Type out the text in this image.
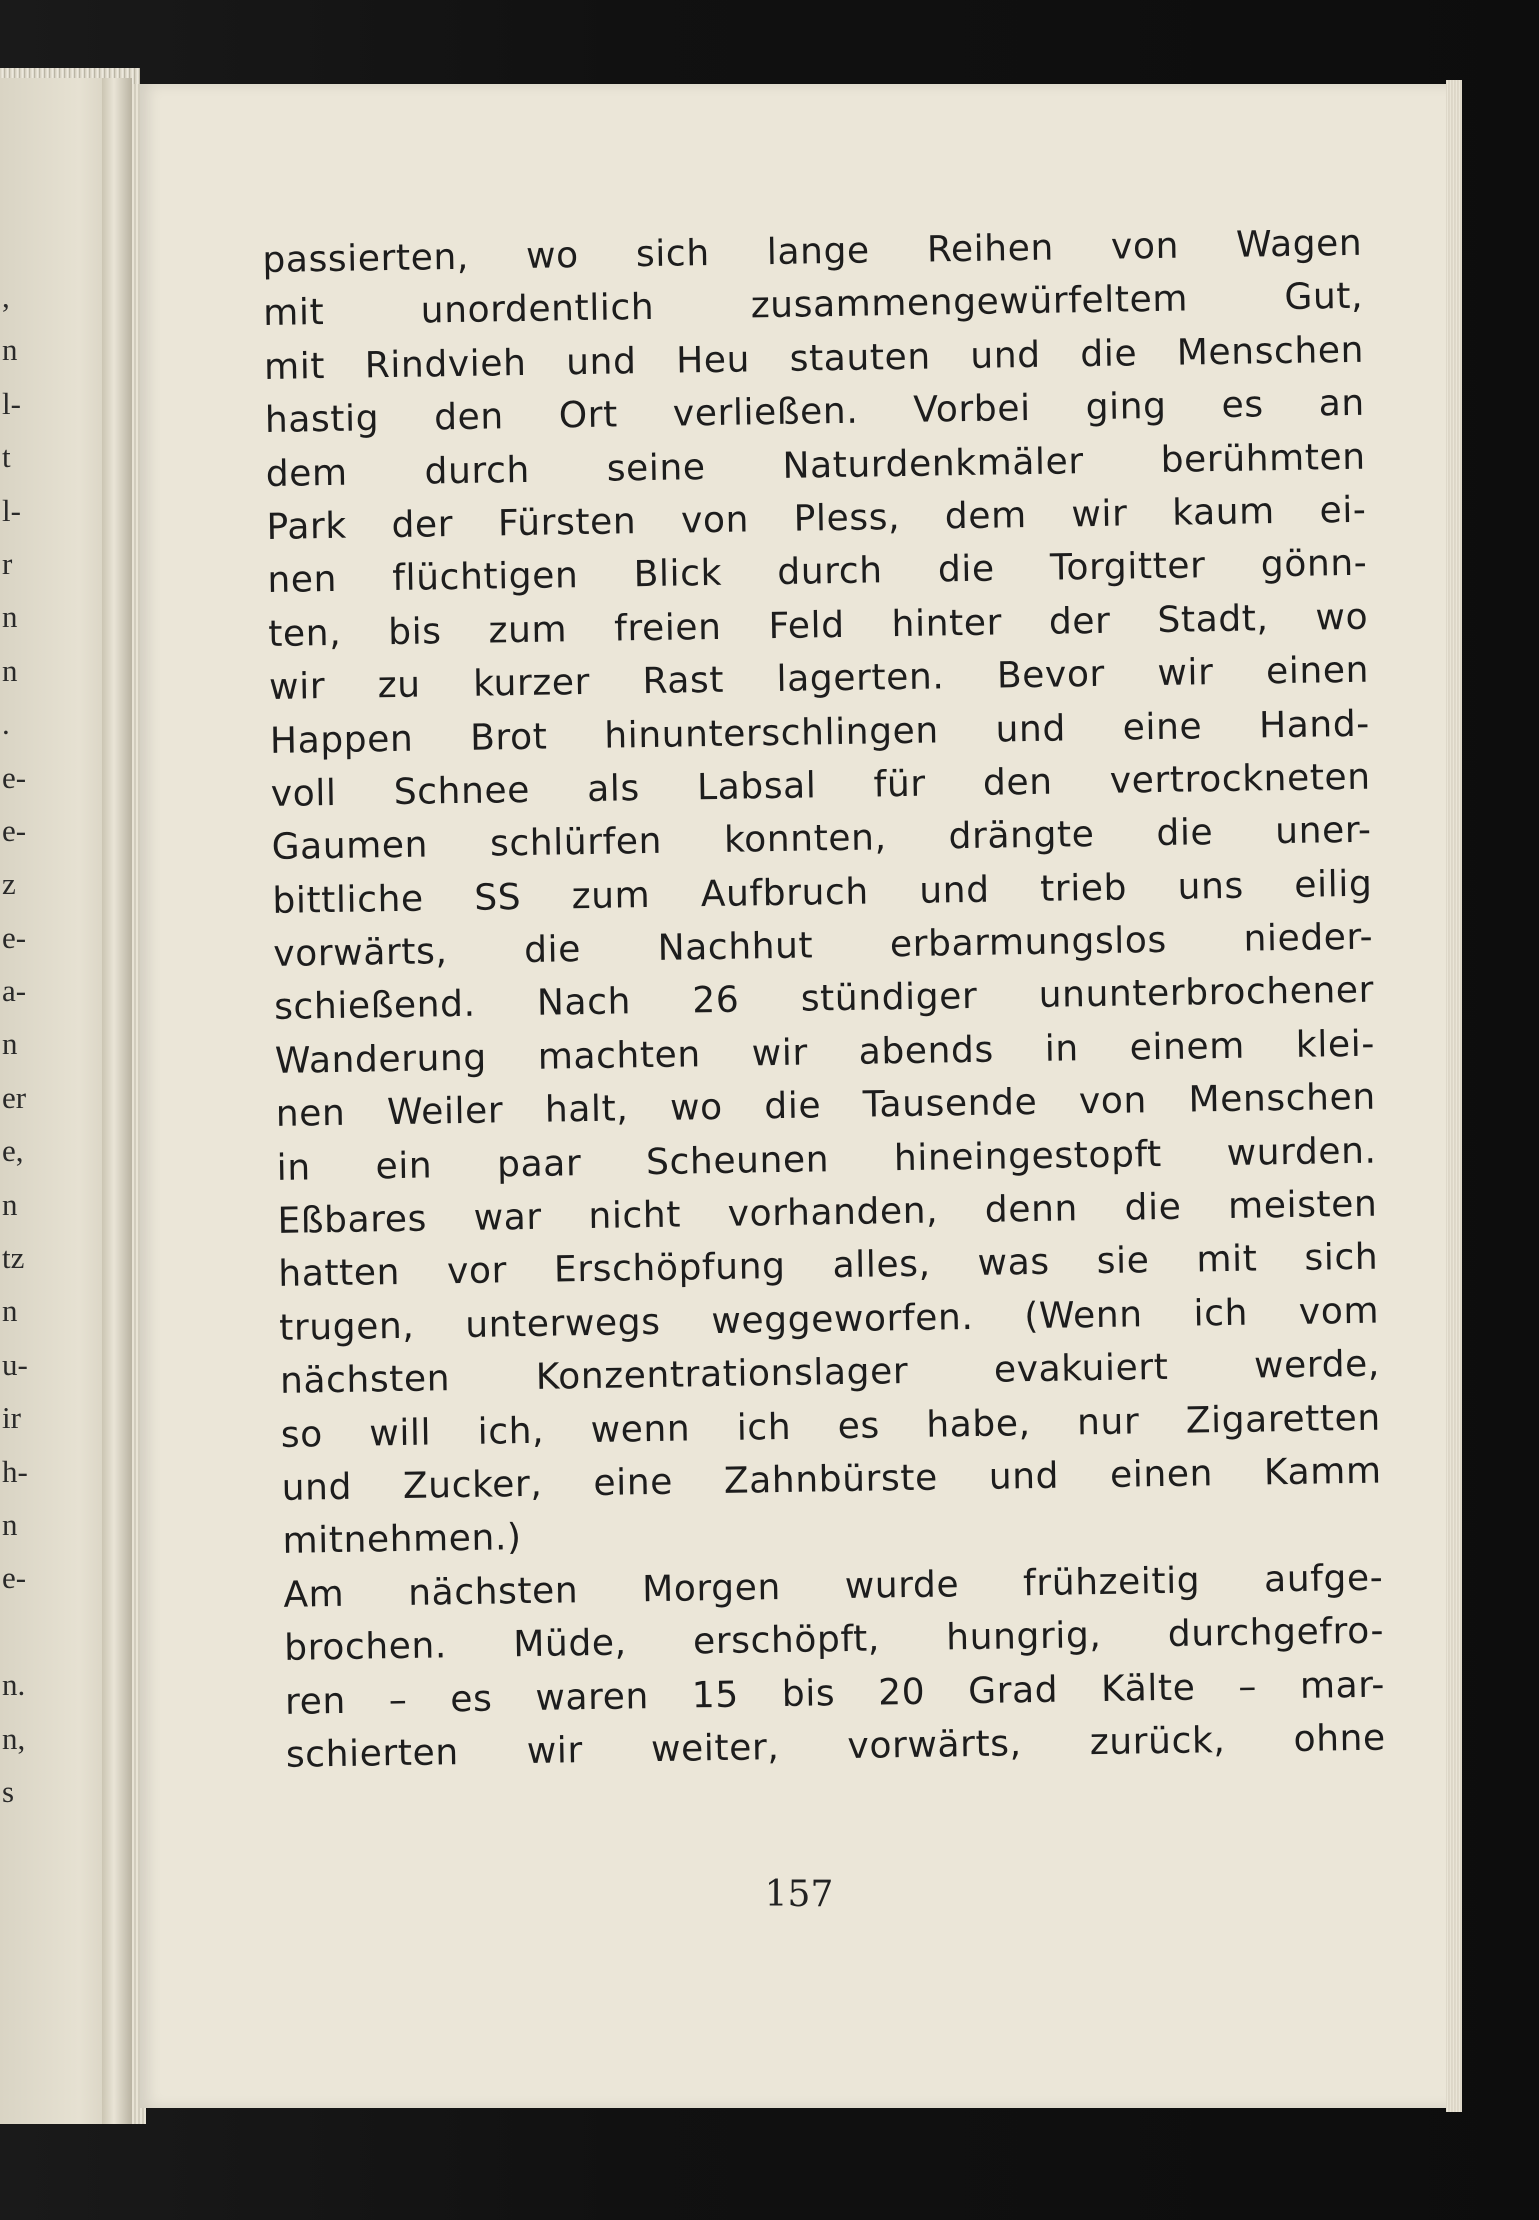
,
n
l-
t
l-
r
n
n
.
e-
e-
z
e-
a-
n
er
e,
n
tz
n
u-
ir
h-
n
e-
n.
n,
s
passierten, wo sich lange Reihen von Wagen
mit unordentlich zusammengewürfeltem Gut,
mit Rindvieh und Heu stauten und die Menschen
hastig den Ort verließen. Vorbei ging es an
dem durch seine Naturdenkmäler berühmten
Park der Fürsten von Pless, dem wir kaum ei-
nen flüchtigen Blick durch die Torgitter gönn-
ten, bis zum freien Feld hinter der Stadt, wo
wir zu kurzer Rast lagerten. Bevor wir einen
Happen Brot hinunterschlingen und eine Hand-
voll Schnee als Labsal für den vertrockneten
Gaumen schlürfen konnten, drängte die uner-
bittliche SS zum Aufbruch und trieb uns eilig
vorwärts, die Nachhut erbarmungslos nieder-
schießend. Nach 26 stündiger ununterbrochener
Wanderung machten wir abends in einem klei-
nen Weiler halt, wo die Tausende von Menschen
in ein paar Scheunen hineingestopft wurden.
Eßbares war nicht vorhanden, denn die meisten
hatten vor Erschöpfung alles, was sie mit sich
trugen, unterwegs weggeworfen. (Wenn ich vom
nächsten Konzentrationslager evakuiert werde,
so will ich, wenn ich es habe, nur Zigaretten
und Zucker, eine Zahnbürste und einen Kamm
mitnehmen.)
Am nächsten Morgen wurde frühzeitig aufge-
brochen. Müde, erschöpft, hungrig, durchgefro-
ren – es waren 15 bis 20 Grad Kälte – mar-
schierten wir weiter, vorwärts, zurück, ohne
157
